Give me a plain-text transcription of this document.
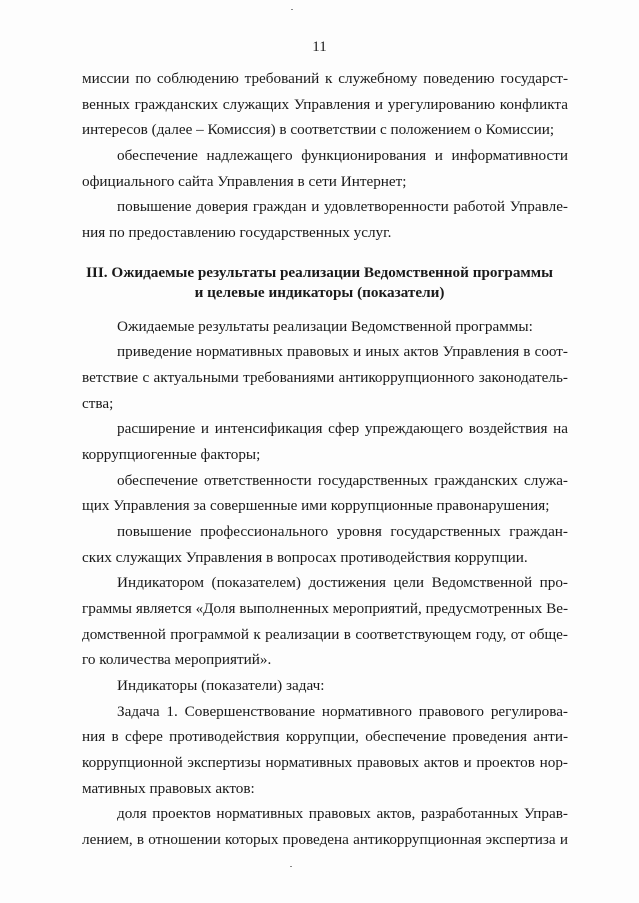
11
миссии по соблюдению требований к служебному поведению государст-
венных гражданских служащих Управления и урегулированию конфликта
интересов (далее – Комиссия) в соответствии с положением о Комиссии;
обеспечение надлежащего функционирования и информативности
официального сайта Управления в сети Интернет;
повышение доверия граждан и удовлетворенности работой Управле-
ния по предоставлению государственных услуг.
III. Ожидаемые результаты реализации Ведомственной программы
и целевые индикаторы (показатели)
Ожидаемые результаты реализации Ведомственной программы:
приведение нормативных правовых и иных актов Управления в соот-
ветствие с актуальными требованиями антикоррупционного законодатель-
ства;
расширение и интенсификация сфер упреждающего воздействия на
коррупциогенные факторы;
обеспечение ответственности государственных гражданских служа-
щих Управления за совершенные ими коррупционные правонарушения;
повышение профессионального уровня государственных граждан-
ских служащих Управления в вопросах противодействия коррупции.
Индикатором (показателем) достижения цели Ведомственной про-
граммы является «Доля выполненных мероприятий, предусмотренных Ве-
домственной программой к реализации в соответствующем году, от обще-
го количества мероприятий».
Индикаторы (показатели) задач:
Задача 1. Совершенствование нормативного правового регулирова-
ния в сфере противодействия коррупции, обеспечение проведения анти-
коррупционной экспертизы нормативных правовых актов и проектов нор-
мативных правовых актов:
доля проектов нормативных правовых актов, разработанных Управ-
лением, в отношении которых проведена антикоррупционная экспертиза и
